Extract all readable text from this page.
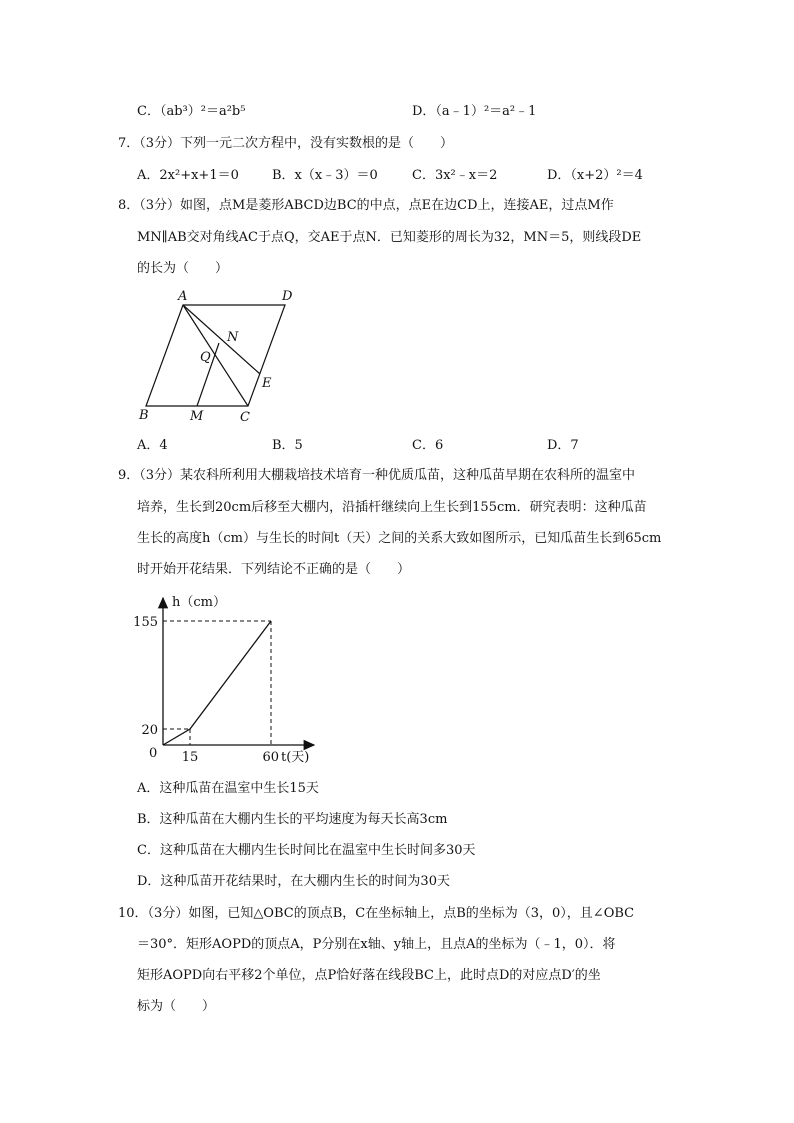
C．（ab³）²＝a²b⁵	D．（a﹣1）²＝a²﹣1
7．（3分）下列一元二次方程中，没有实数根的是（　　）
A．2x²+x+1＝0	B．x（x﹣3）＝0	C．3x²﹣x＝2	D．（x+2）²＝4
8．（3分）如图，点M是菱形ABCD边BC的中点，点E在边CD上，连接AE，过点M作
MN∥AB交对角线AC于点Q，交AE于点N．已知菱形的周长为32，MN＝5，则线段DE
的长为（　　）
A	D
B	C
E
M
N
Q
A．4	B．5	C．6	D．7
9．（3分）某农科所利用大棚栽培技术培育一种优质瓜苗，这种瓜苗早期在农科所的温室中
培养，生长到20cm后移至大棚内，沿插杆继续向上生长到155cm．研究表明：这种瓜苗
生长的高度h（cm）与生长的时间t（天）之间的关系大致如图所示，已知瓜苗生长到65cm
时开始开花结果．下列结论不正确的是（　　）
h（cm）
t(天)
0
20
155
15	60
A．这种瓜苗在温室中生长15天
B．这种瓜苗在大棚内生长的平均速度为每天长高3cm
C．这种瓜苗在大棚内生长时间比在温室中生长时间多30天
D．这种瓜苗开花结果时，在大棚内生长的时间为30天
10．（3分）如图，已知△OBC的顶点B，C在坐标轴上，点B的坐标为（3，0），且∠OBC
＝30°．矩形AOPD的顶点A，P分别在x轴、y轴上，且点A的坐标为（﹣1，0）．将
矩形AOPD向右平移2个单位，点P恰好落在线段BC上，此时点D的对应点D′的坐
标为（　　）
